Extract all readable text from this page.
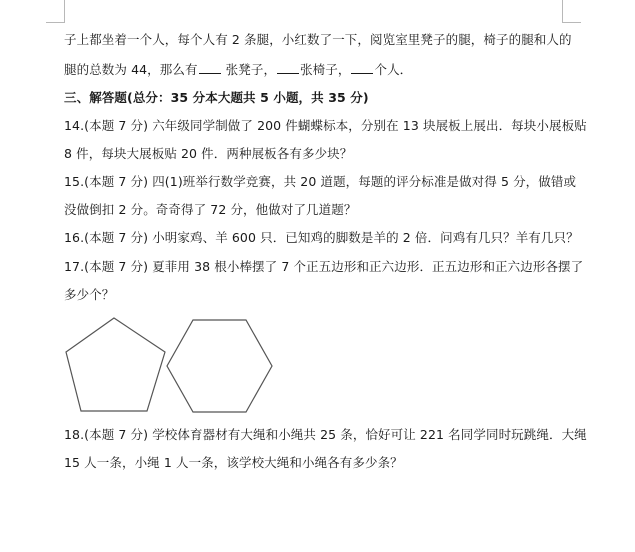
子上都坐着一个人，每个人有 2 条腿，小红数了一下，阅览室里凳子的腿，椅子的腿和人的
腿的总数为 44，那么有 张凳子， 张椅子， 个人．
三、解答题(总分：35 分本大题共 5 小题，共 35 分)
14.(本题 7 分) 六年级同学制做了 200 件蝴蝶标本，分别在 13 块展板上展出．每块小展板贴
8 件，每块大展板贴 20 件．两种展板各有多少块？
15.(本题 7 分) 四(1)班举行数学竞赛，共 20 道题，每题的评分标准是做对得 5 分，做错或
没做倒扣 2 分。奇奇得了 72 分，他做对了几道题？
16.(本题 7 分) 小明家鸡、羊 600 只．已知鸡的脚数是羊的 2 倍．问鸡有几只？羊有几只？
17.(本题 7 分) 夏菲用 38 根小棒摆了 7 个正五边形和正六边形．正五边形和正六边形各摆了
多少个？
18.(本题 7 分) 学校体育器材有大绳和小绳共 25 条，恰好可让 221 名同学同时玩跳绳．大绳
15 人一条，小绳 1 人一条，该学校大绳和小绳各有多少条？
